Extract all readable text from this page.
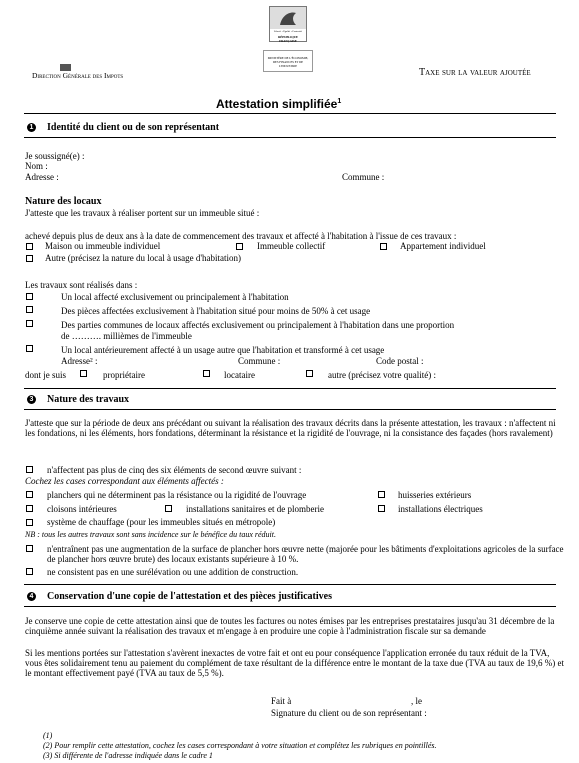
Liberté • Égalité • Fraternité
RÉPUBLIQUE FRANÇAISE
MINISTÈRE DE L'ÉCONOMIE, DES FINANCES ET DE L'INDUSTRIE
Direction Générale des Impots	Taxe sur la valeur ajoutée
Attestation simplifiée$^1$
1 Identité du client ou de son représentant
Je soussigné(e) :
Nom :
Adresse :	Commune :
Nature des locaux
J'atteste que les travaux à réaliser portent sur un immeuble situé :
achevé depuis plus de deux ans à la date de commencement des travaux et affecté à l'habitation à l'issue de ces travaux :
Maison ou immeuble individuel	Immeuble collectif	Appartement individuel
Autre (précisez la nature du local à usage d'habitation)
Les travaux sont réalisés dans :
Un local affecté exclusivement ou principalement à l'habitation
Des pièces affectées exclusivement à l'habitation situé pour moins de 50% à cet usage
Des parties communes de locaux affectés exclusivement ou principalement à l'habitation dans une proportion
de ………. millièmes de l'immeuble
Un local antérieurement affecté à un usage autre que l'habitation et transformé à cet usage
Adresse² :	Commune :	Code postal :
dont je suis	propriétaire	locataire	autre (précisez votre qualité) :
3 Nature des travaux
J'atteste que sur la période de deux ans précédant ou suivant la réalisation des travaux décrits dans la présente attestation, les travaux : n'affectent ni les fondations, ni les éléments, hors fondations, déterminant la résistance et la rigidité de l'ouvrage, ni la consistance des façades (hors ravalement)
n'affectent pas plus de cinq des six éléments de second œuvre suivant :
Cochez les cases correspondant aux éléments affectés :
planchers qui ne déterminent pas la résistance ou la rigidité de l'ouvrage	huisseries extérieurs
cloisons intérieures	installations sanitaires et de plomberie	installations électriques
système de chauffage (pour les immeubles situés en métropole)
NB : tous les autres travaux sont sans incidence sur le bénéfice du taux réduit.
n'entraînent pas une augmentation de la surface de plancher hors œuvre nette (majorée pour les bâtiments d'exploitations agricoles de la surface de plancher hors œuvre brute) des locaux existants supérieure à 10 %.
ne consistent pas en une surélévation ou une addition de construction.
4 Conservation d'une copie de l'attestation et des pièces justificatives
Je conserve une copie de cette attestation ainsi que de toutes les factures ou notes émises par les entreprises prestataires jusqu'au 31 décembre de la cinquième année suivant la réalisation des travaux et m'engage à en produire une copie à l'administration fiscale sur sa demande
Si les mentions portées sur l'attestation s'avèrent inexactes de votre fait et ont eu pour conséquence l'application erronée du taux réduit de la TVA, vous êtes solidairement tenu au paiement du complément de taxe résultant de la différence entre le montant de la taxe due (TVA au taux de 19,6 %) et le montant effectivement payé (TVA au taux de 5,5 %).
Fait à	, le
Signature du client ou de son représentant :
(1)
(2) Pour remplir cette attestation, cochez les cases correspondant à votre situation et complétez les rubriques en pointillés.
(3) Si différente de l'adresse indiquée dans le cadre 1
